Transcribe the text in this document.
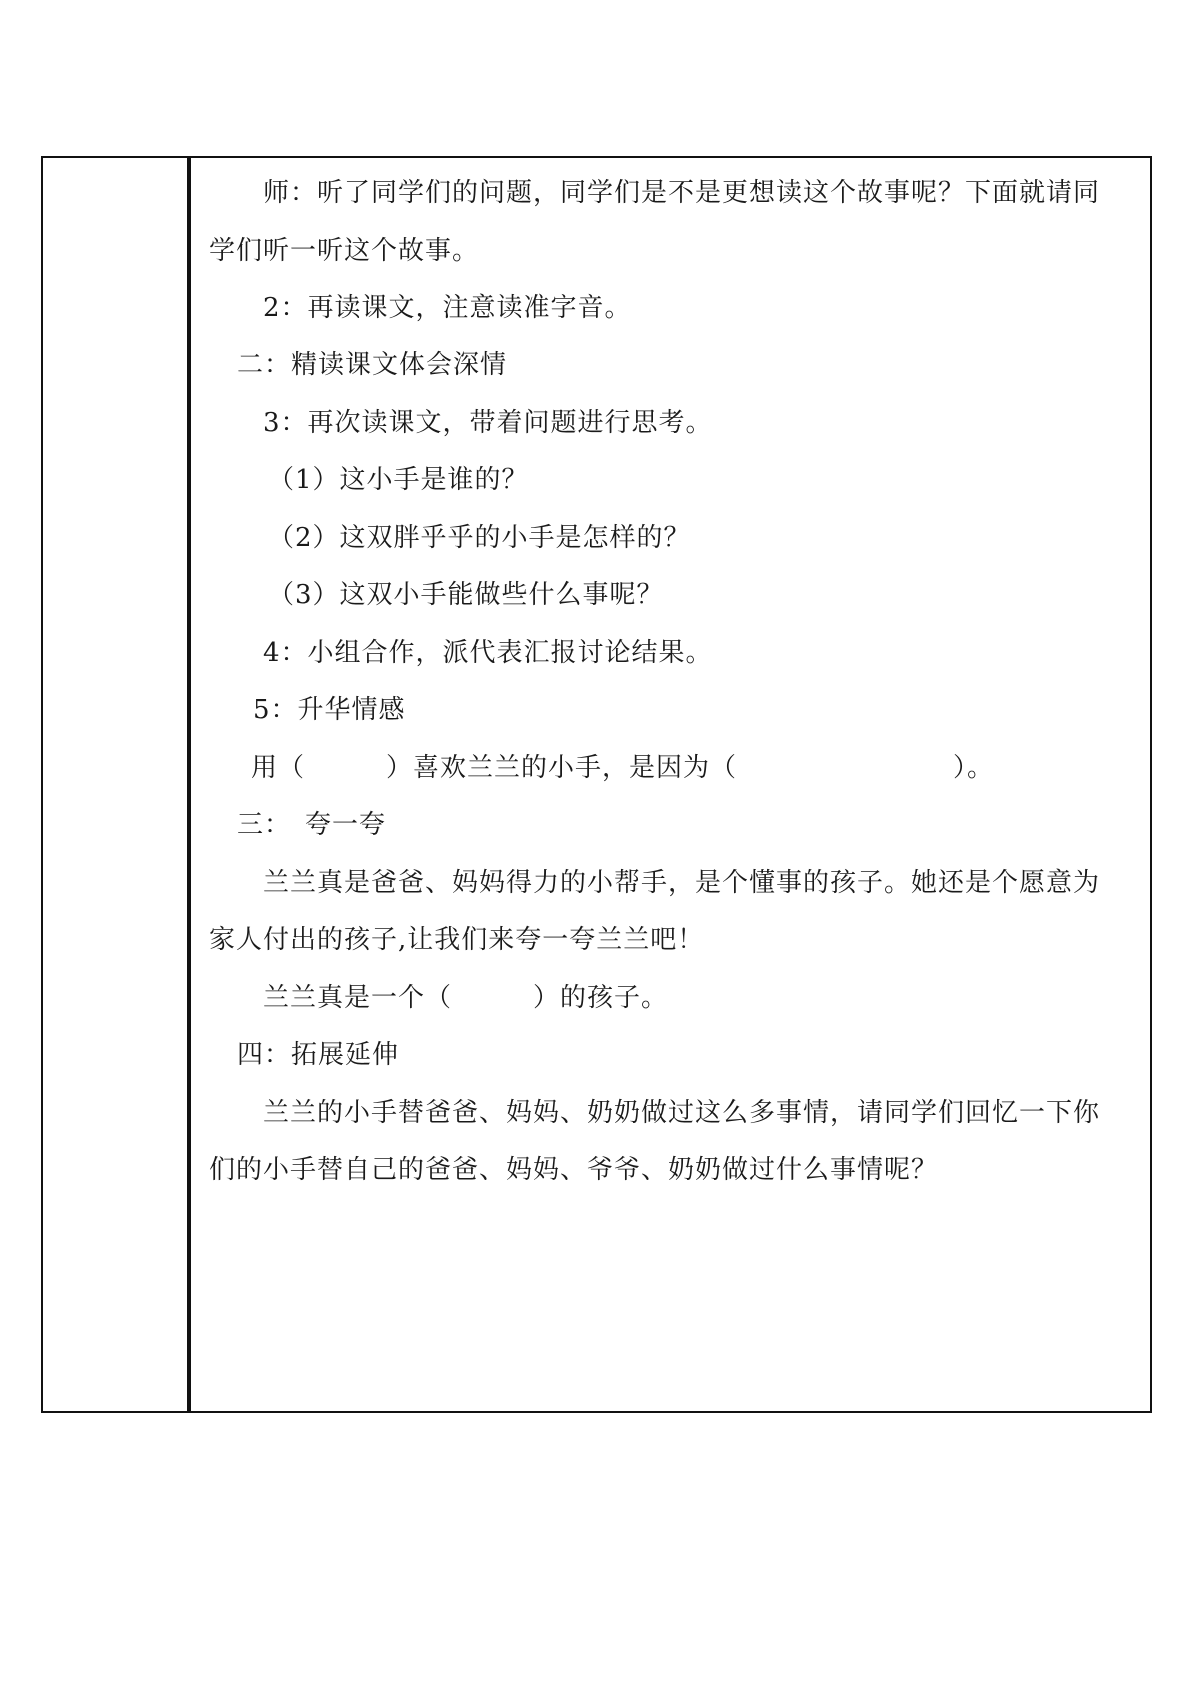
师：听了同学们的问题，同学们是不是更想读这个故事呢？下面就请同
学们听一听这个故事。
2：再读课文，注意读准字音。
二：精读课文体会深情
3：再次读课文，带着问题进行思考。
（1）这小手是谁的？
（2）这双胖乎乎的小手是怎样的？
（3）这双小手能做些什么事呢？
4：小组合作，派代表汇报讨论结果。
5：升华情感
用（　　　）喜欢兰兰的小手，是因为（　　　　　　　　）。
三：　夸一夸
兰兰真是爸爸、妈妈得力的小帮手，是个懂事的孩子。她还是个愿意为
家人付出的孩子,让我们来夸一夸兰兰吧！
兰兰真是一个（　　　）的孩子。
四：拓展延伸
兰兰的小手替爸爸、妈妈、奶奶做过这么多事情，请同学们回忆一下你
们的小手替自己的爸爸、妈妈、爷爷、奶奶做过什么事情呢？
